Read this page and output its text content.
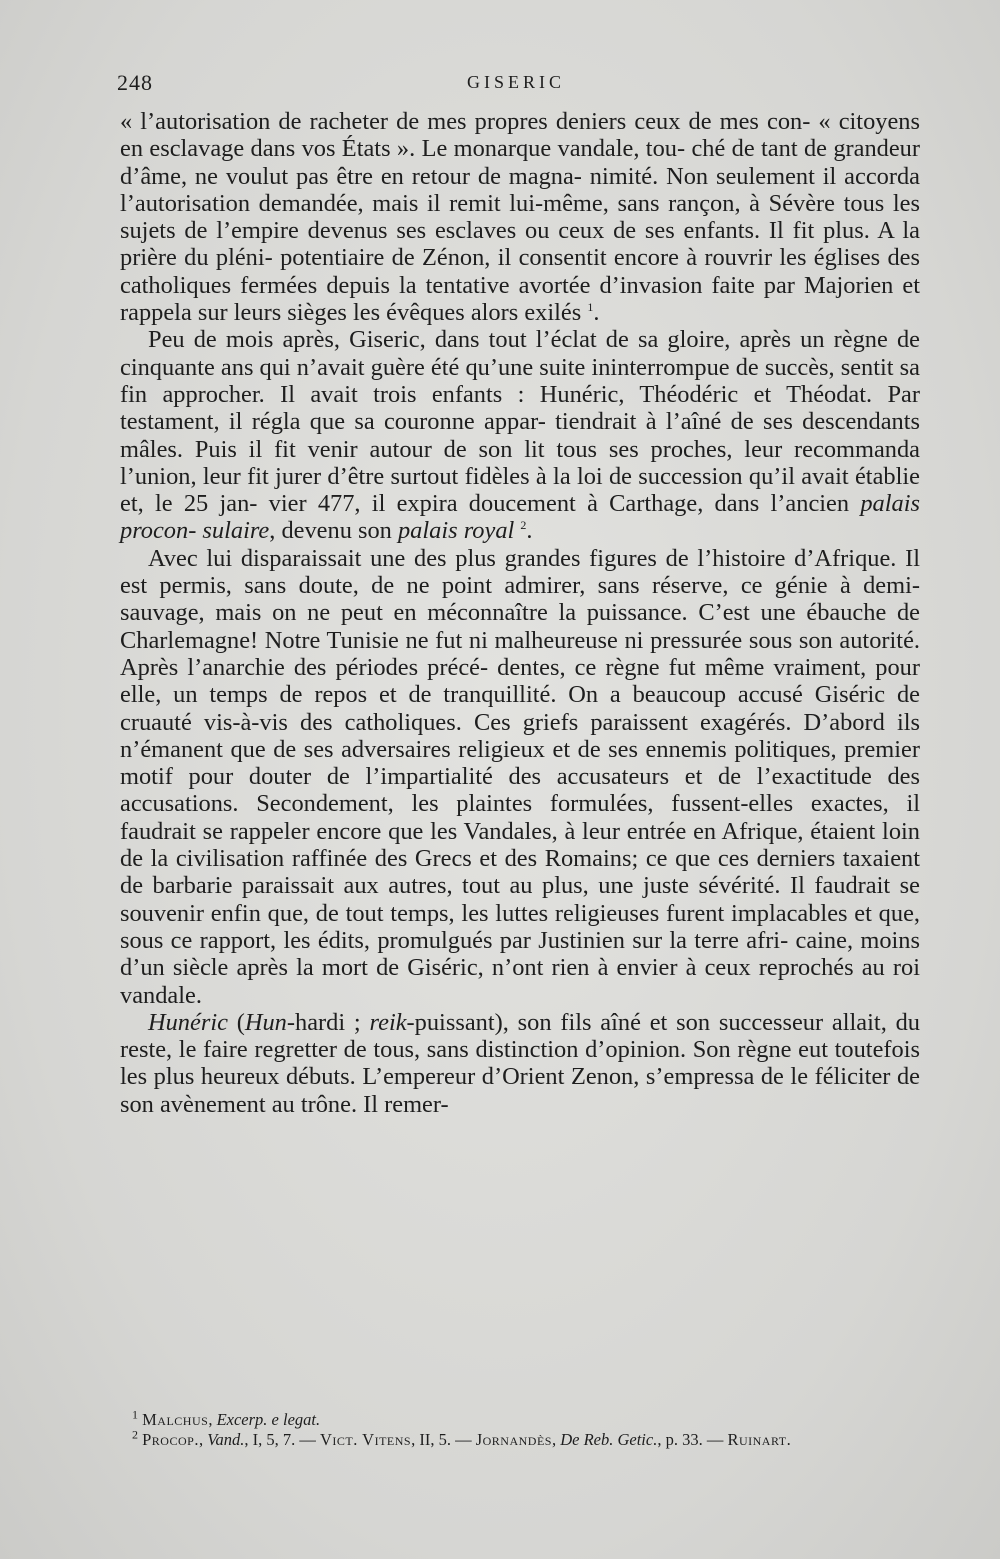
248	GISERIC

« l’autorisation de racheter de mes propres deniers ceux de mes con- « citoyens en esclavage dans vos États ». Le monarque vandale, tou- ché de tant de grandeur d’âme, ne voulut pas être en retour de magna- nimité. Non seulement il accorda l’autorisation demandée, mais il remit lui-même, sans rançon, à Sévère tous les sujets de l’empire devenus ses esclaves ou ceux de ses enfants. Il fit plus. A la prière du pléni- potentiaire de Zénon, il consentit encore à rouvrir les églises des catholiques fermées depuis la tentative avortée d’invasion faite par Majorien et rappela sur leurs sièges les évêques alors exilés $^1$.

Peu de mois après, Giseric, dans tout l’éclat de sa gloire, après un règne de cinquante ans qui n’avait guère été qu’une suite ininterrompue de succès, sentit sa fin approcher. Il avait trois enfants : Hunéric, Théodéric et Théodat. Par testament, il régla que sa couronne appar- tiendrait à l’aîné de ses descendants mâles. Puis il fit venir autour de son lit tous ses proches, leur recommanda l’union, leur fit jurer d’être surtout fidèles à la loi de succession qu’il avait établie et, le 25 jan- vier 477, il expira doucement à Carthage, dans l’ancien palais procon- sulaire, devenu son palais royal $^2$.

Avec lui disparaissait une des plus grandes figures de l’histoire d’Afrique. Il est permis, sans doute, de ne point admirer, sans réserve, ce génie à demi-sauvage, mais on ne peut en méconnaître la puissance. C’est une ébauche de Charlemagne! Notre Tunisie ne fut ni malheureuse ni pressurée sous son autorité. Après l’anarchie des périodes précé- dentes, ce règne fut même vraiment, pour elle, un temps de repos et de tranquillité. On a beaucoup accusé Giséric de cruauté vis-à-vis des catholiques. Ces griefs paraissent exagérés. D’abord ils n’émanent que de ses adversaires religieux et de ses ennemis politiques, premier motif pour douter de l’impartialité des accusateurs et de l’exactitude des accusations. Secondement, les plaintes formulées, fussent-elles exactes, il faudrait se rappeler encore que les Vandales, à leur entrée en Afrique, étaient loin de la civilisation raffinée des Grecs et des Romains; ce que ces derniers taxaient de barbarie paraissait aux autres, tout au plus, une juste sévérité. Il faudrait se souvenir enfin que, de tout temps, les luttes religieuses furent implacables et que, sous ce rapport, les édits, promulgués par Justinien sur la terre afri- caine, moins d’un siècle après la mort de Giséric, n’ont rien à envier à ceux reprochés au roi vandale.

Hunéric (Hun-hardi ; reik-puissant), son fils aîné et son successeur allait, du reste, le faire regretter de tous, sans distinction d’opinion. Son règne eut toutefois les plus heureux débuts. L’empereur d’Orient Zenon, s’empressa de le féliciter de son avènement au trône. Il remer-

$^1$ Malchus, Excerp. e legat.

$^2$ Procop., Vand., I, 5, 7. — Vict. Vitens, II, 5. — Jornandès, De Reb. Getic., p. 33. — Ruinart.
